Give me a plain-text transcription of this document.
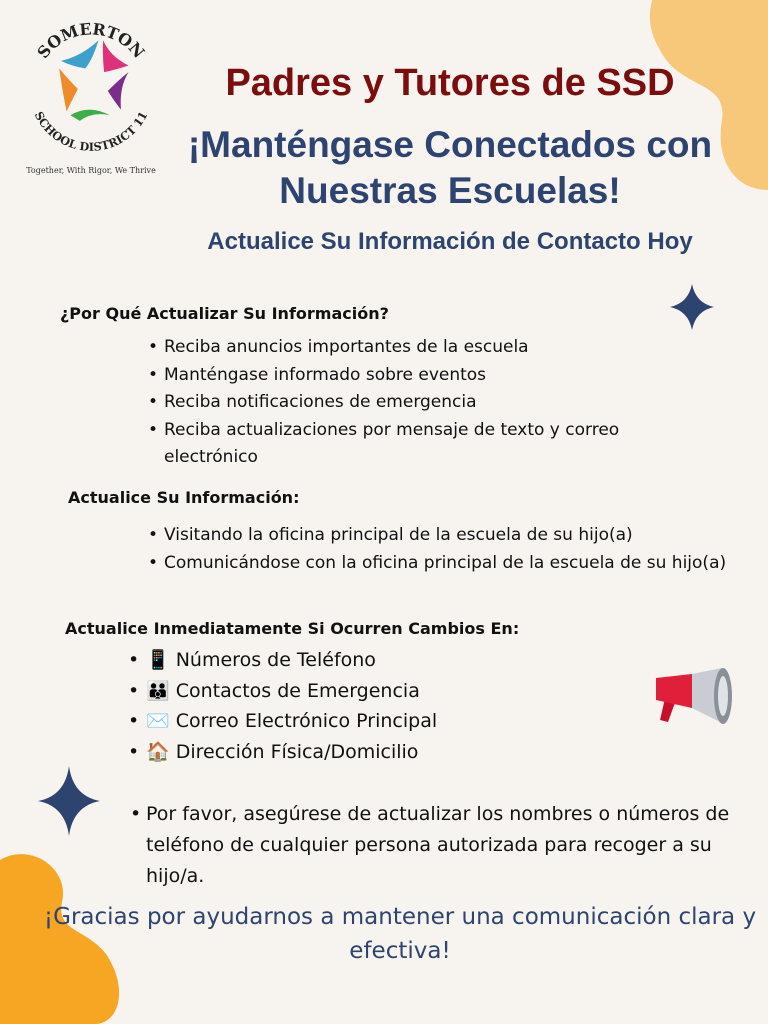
SOMERTON
SCHOOL DISTRICT 11
Together, With Rigor, We Thrive
Padres y Tutores de SSD
¡Manténgase Conectados con
Nuestras Escuelas!
Actualice Su Información de Contacto Hoy
¿Por Qué Actualizar Su Información?
• Reciba anuncios importantes de la escuela
• Manténgase informado sobre eventos
• Reciba notificaciones de emergencia
• Reciba actualizaciones por mensaje de texto y correo electrónico
Actualice Su Información:
• Visitando la oficina principal de la escuela de su hijo(a)
• Comunicándose con la oficina principal de la escuela de su hijo(a)
Actualice Inmediatamente Si Ocurren Cambios En:
• 📱 Números de Teléfono
• 👪 Contactos de Emergencia
• ✉️ Correo Electrónico Principal
• 🏠 Dirección Física/Domicilio
• Por favor, asegúrese de actualizar los nombres o números de teléfono de cualquier persona autorizada para recoger a su hijo/a.
¡Gracias por ayudarnos a mantener una comunicación clara y efectiva!
